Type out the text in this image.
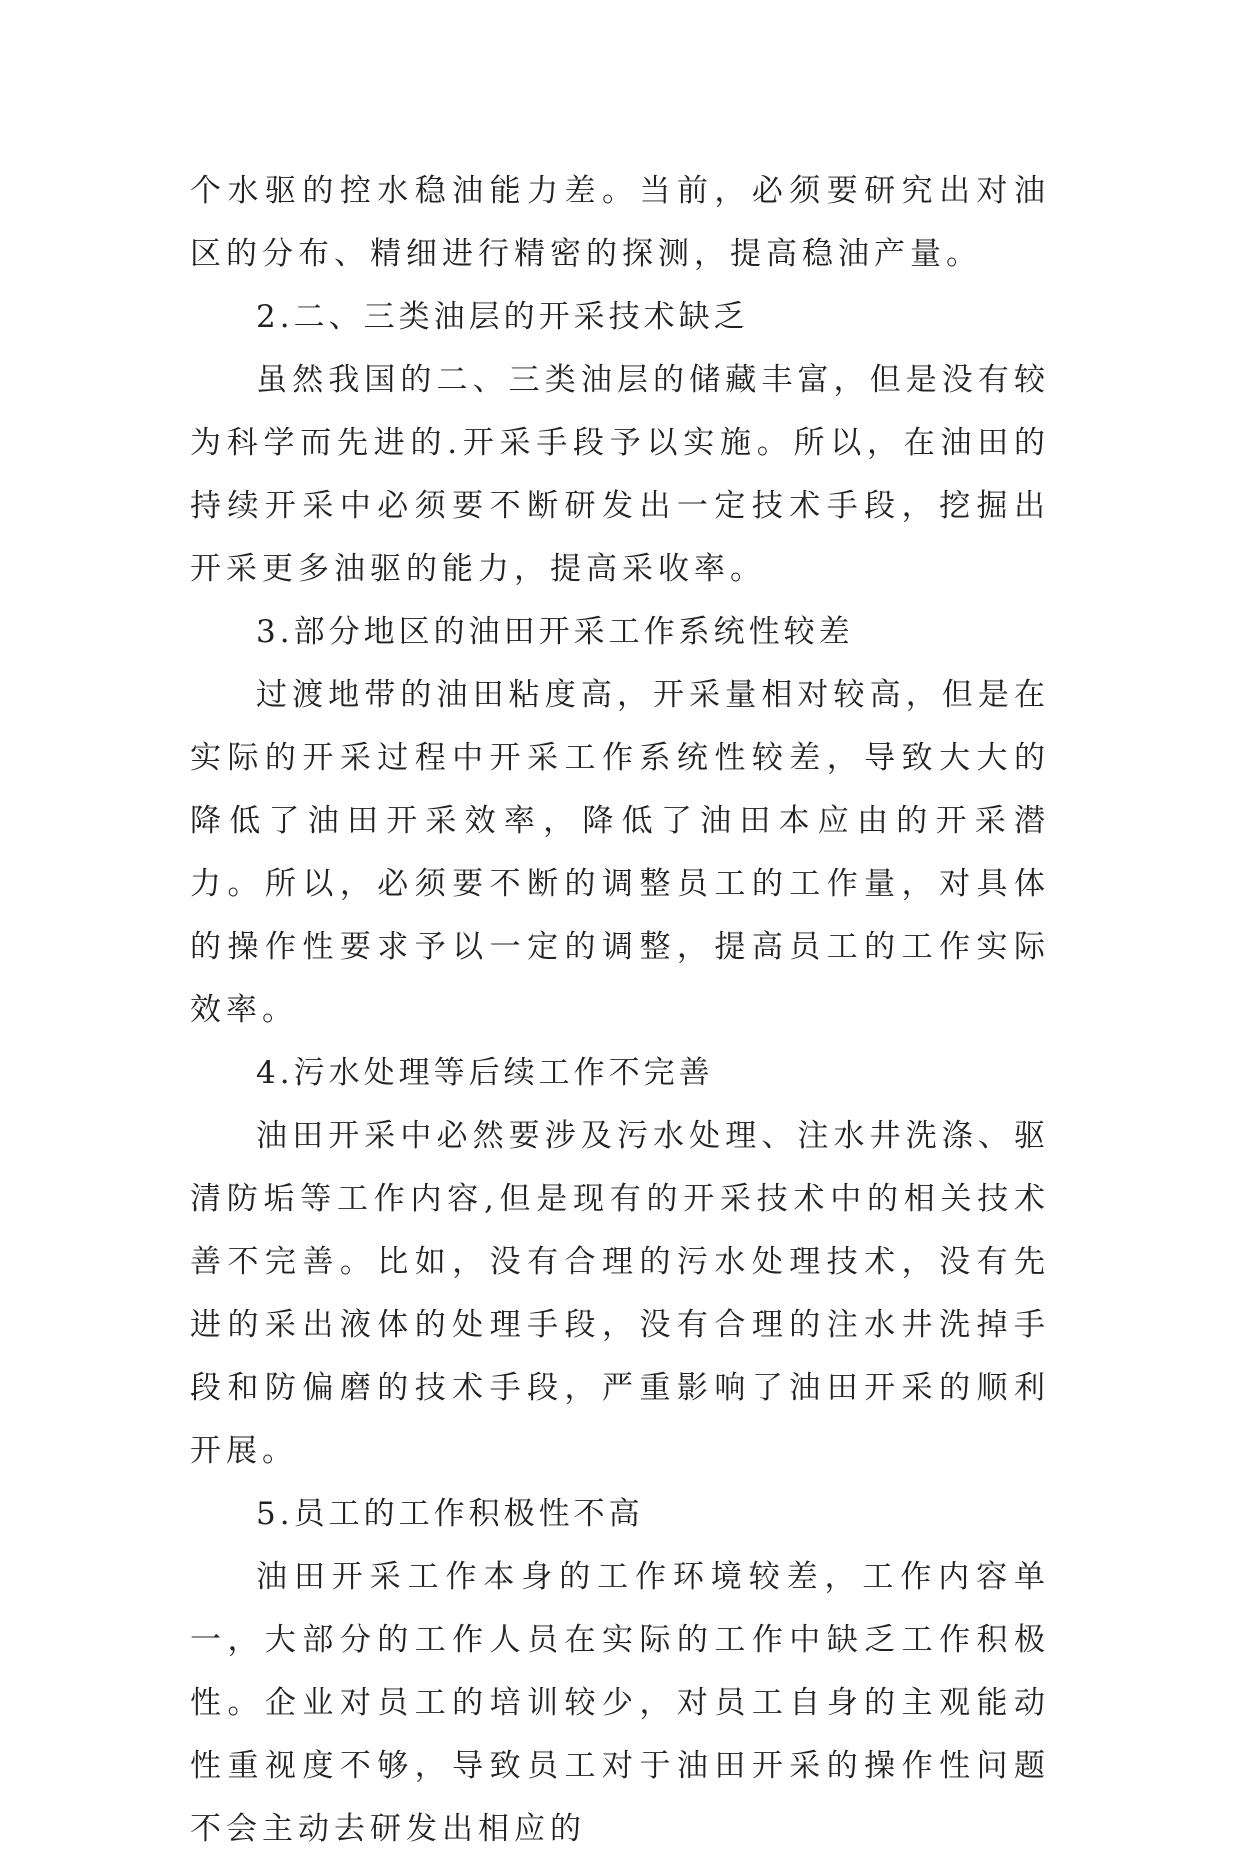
个水驱的控水稳油能力差。当前，必须要研究出对油区的分布、精细进行精密的探测，提高稳油产量。

2.二、三类油层的开采技术缺乏

虽然我国的二、三类油层的储藏丰富，但是没有较为科学而先进的.开采手段予以实施。所以，在油田的持续开采中必须要不断研发出一定技术手段，挖掘出开采更多油驱的能力，提高采收率。

3.部分地区的油田开采工作系统性较差

过渡地带的油田粘度高，开采量相对较高，但是在实际的开采过程中开采工作系统性较差，导致大大的降低了油田开采效率，降低了油田本应由的开采潜力。所以，必须要不断的调整员工的工作量，对具体的操作性要求予以一定的调整，提高员工的工作实际效率。

4.污水处理等后续工作不完善

油田开采中必然要涉及污水处理、注水井洗涤、驱清防垢等工作内容,但是现有的开采技术中的相关技术善不完善。比如，没有合理的污水处理技术，没有先进的采出液体的处理手段，没有合理的注水井洗掉手段和防偏磨的技术手段，严重影响了油田开采的顺利开展。

5.员工的工作积极性不高

油田开采工作本身的工作环境较差，工作内容单一，大部分的工作人员在实际的工作中缺乏工作积极性。企业对员工的培训较少，对员工自身的主观能动性重视度不够，导致员工对于油田开采的操作性问题不会主动去研发出相应的
